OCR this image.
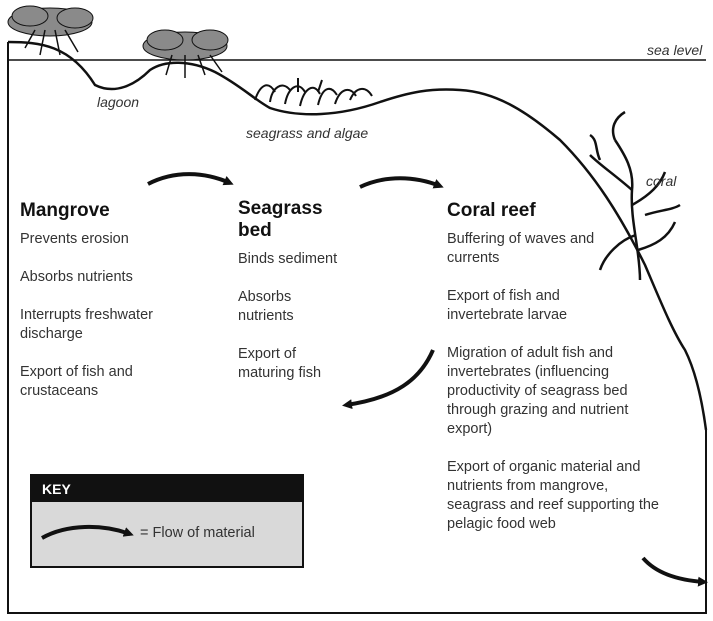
sea level
lagoon
seagrass and algae
coral
Mangrove

Prevents erosion

Absorbs nutrients

Interrupts freshwater discharge

Export of fish and crustaceans

Seagrass bed

Binds sediment

Absorbs nutrients

Export of maturing fish

Coral reef

Buffering of waves and currents

Export of fish and invertebrate larvae

Migration of adult fish and invertebrates (influencing productivity of seagrass bed through grazing and nutrient export)

Export of organic material and nutrients from mangrove, seagrass and reef supporting the pelagic food web

KEY
= Flow of material
